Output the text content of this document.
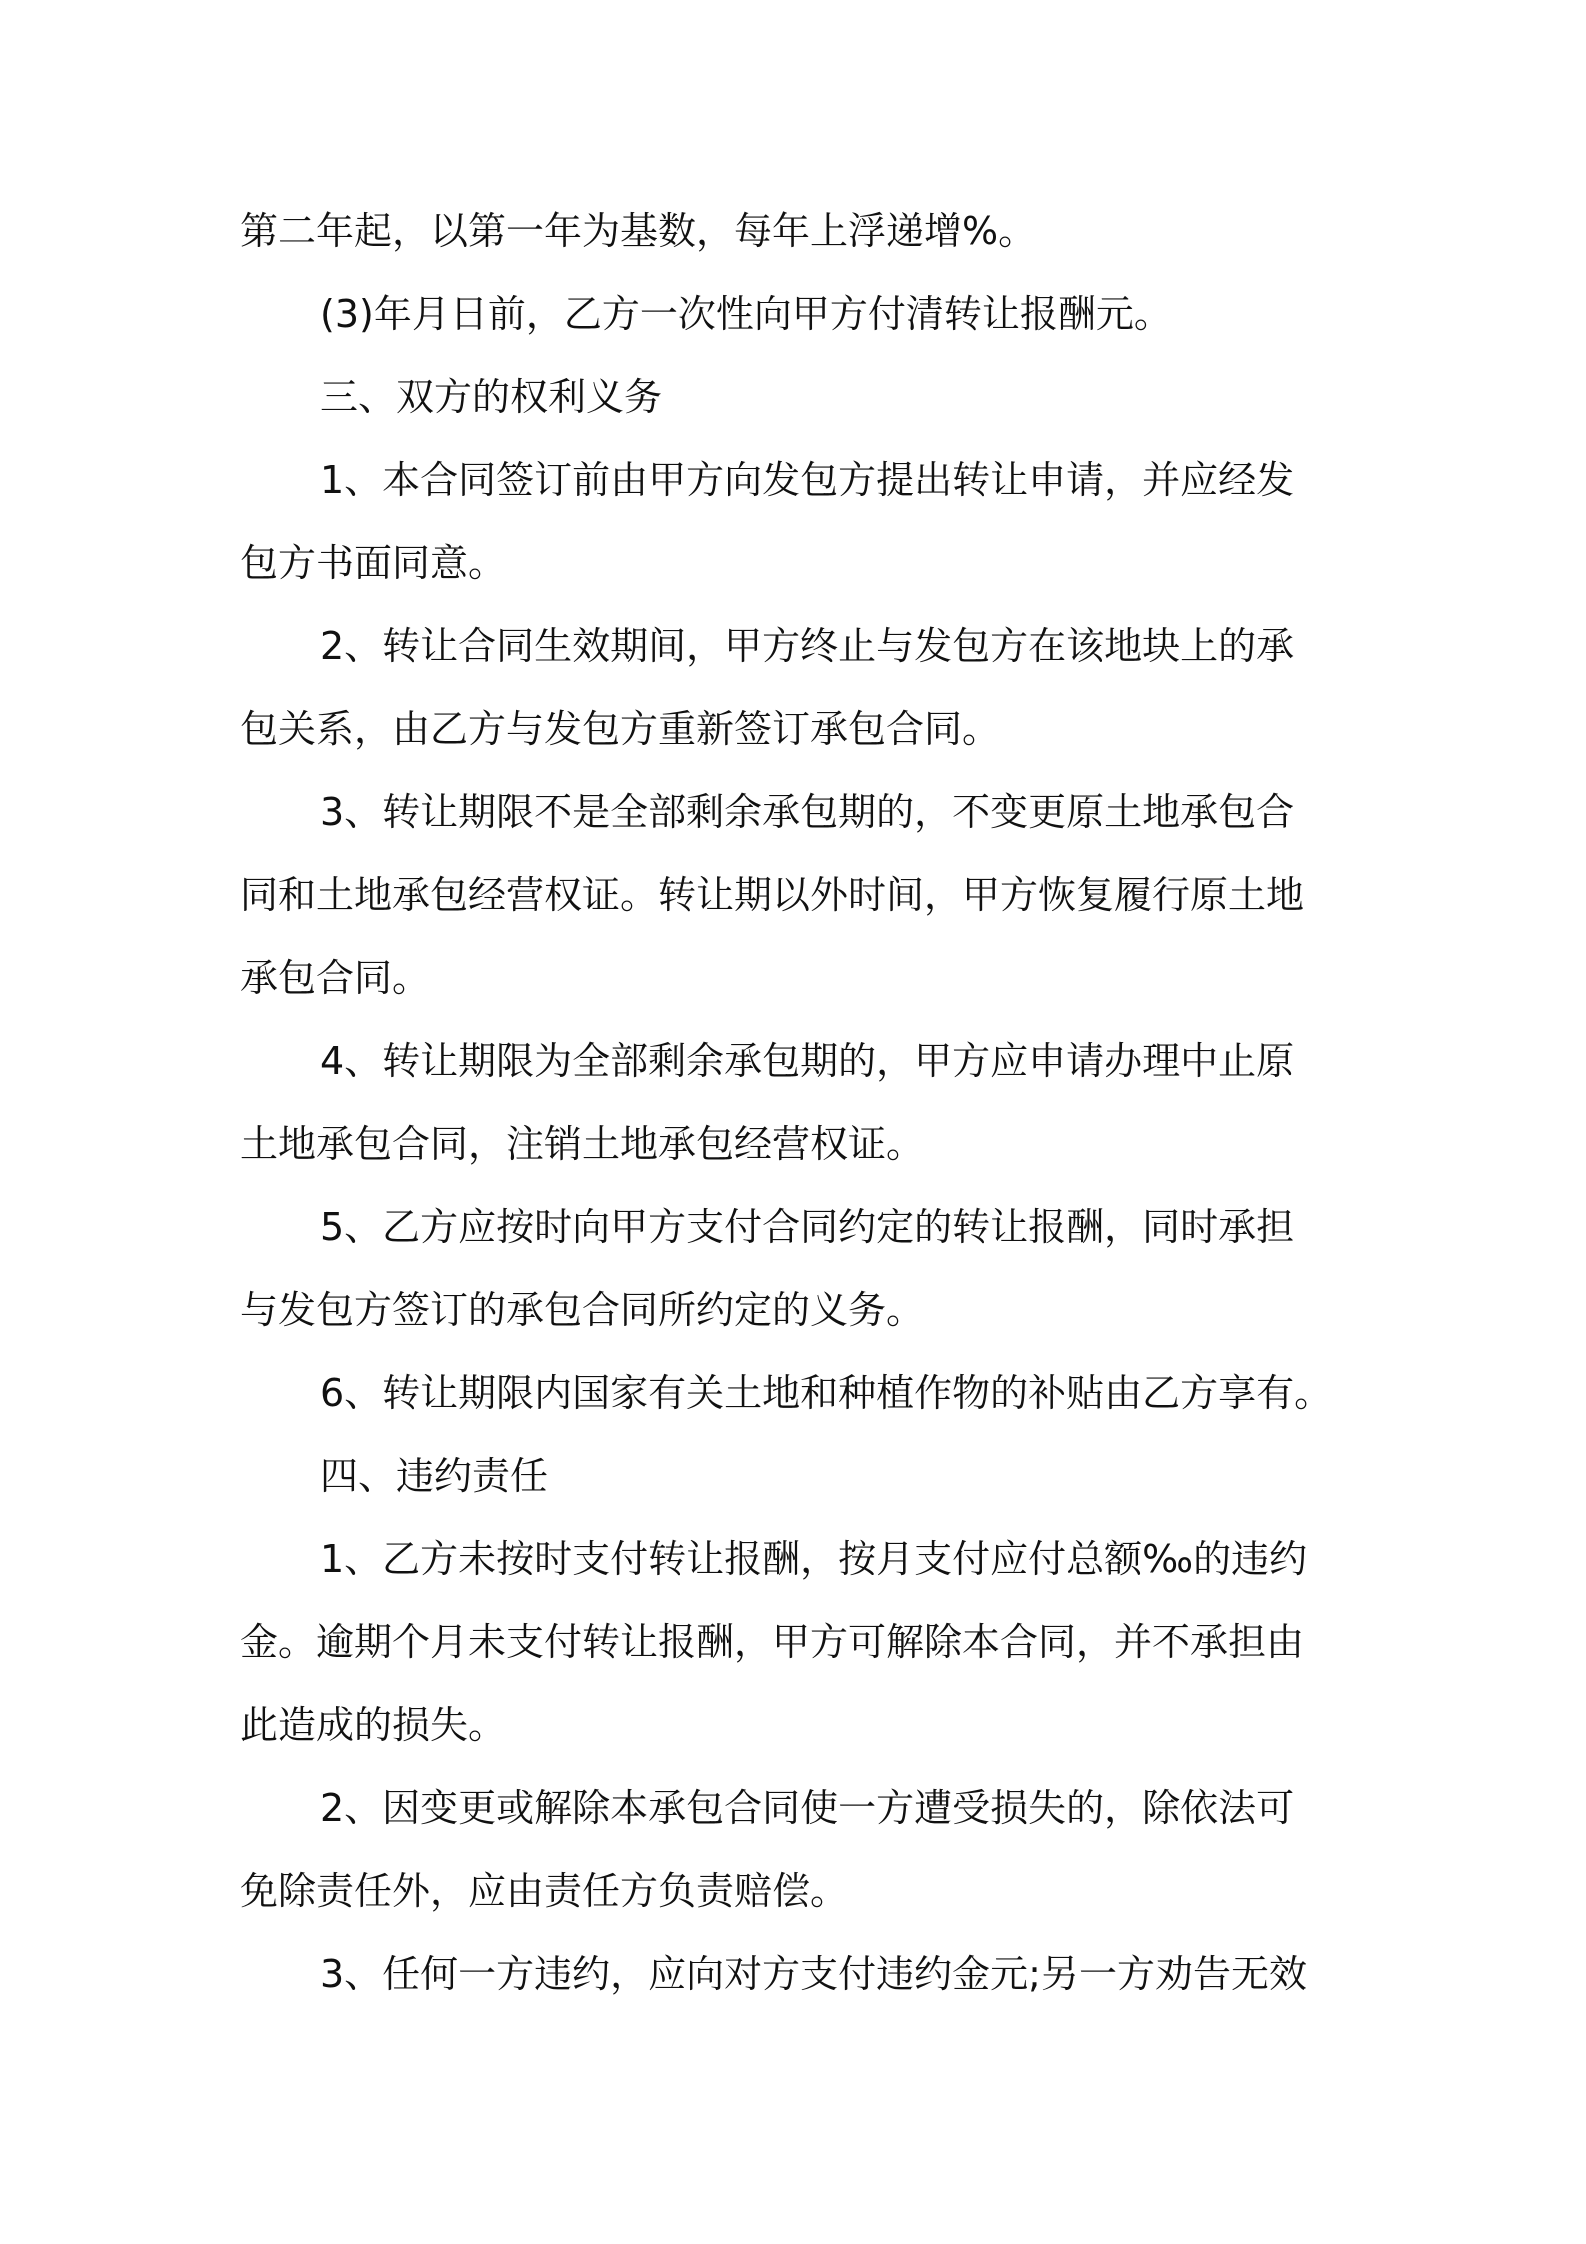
第二年起，以第一年为基数，每年上浮递增%。
(3)年月日前，乙方一次性向甲方付清转让报酬元。
三、双方的权利义务
1、本合同签订前由甲方向发包方提出转让申请，并应经发
包方书面同意。
2、转让合同生效期间，甲方终止与发包方在该地块上的承
包关系，由乙方与发包方重新签订承包合同。
3、转让期限不是全部剩余承包期的，不变更原土地承包合
同和土地承包经营权证。转让期以外时间，甲方恢复履行原土地
承包合同。
4、转让期限为全部剩余承包期的，甲方应申请办理中止原
土地承包合同，注销土地承包经营权证。
5、乙方应按时向甲方支付合同约定的转让报酬，同时承担
与发包方签订的承包合同所约定的义务。
6、转让期限内国家有关土地和种植作物的补贴由乙方享有。
四、违约责任
1、乙方未按时支付转让报酬，按月支付应付总额‰的违约
金。逾期个月未支付转让报酬，甲方可解除本合同，并不承担由
此造成的损失。
2、因变更或解除本承包合同使一方遭受损失的，除依法可
免除责任外，应由责任方负责赔偿。
3、任何一方违约，应向对方支付违约金元;另一方劝告无效
